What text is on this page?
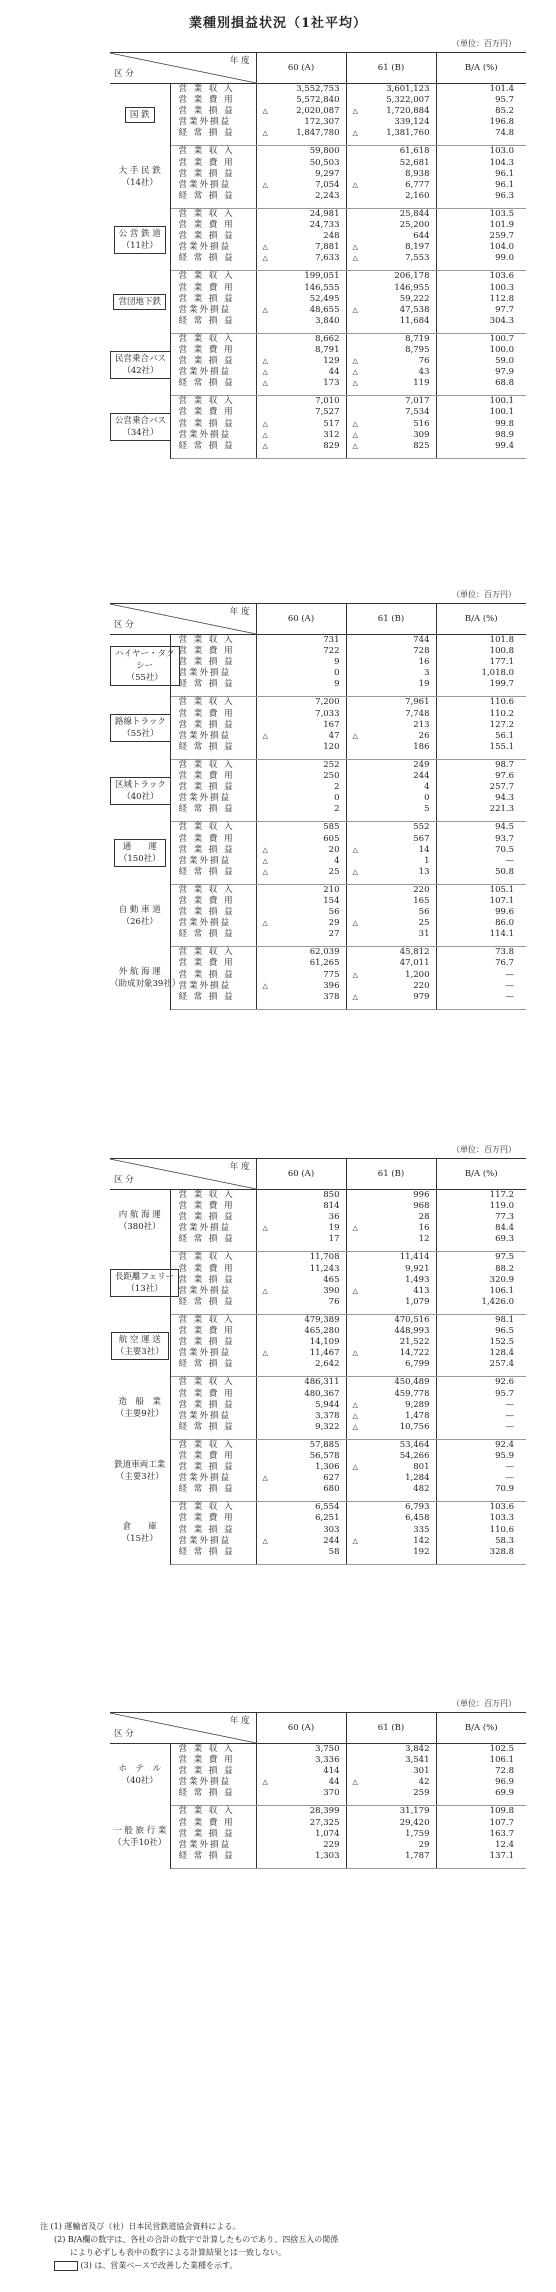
業種別損益状況（1社平均）
（単位：百万円）
年 度
区 分		60 (A)	61 (B)	B/A (%)
国 鉄	営 業 収 入	3,552,753	3,601,123	101.4
	営 業 費 用	5,572,840	5,322,007	95.7
	営 業 損 益	△ 2,020,087	△ 1,720,884	85.2
	営業外損益	172,307	339,124	196.8
	経 常 損 益	△ 1,847,780	△ 1,381,760	74.8
大 手 民 鉄
（14社）	営 業 収 入	59,800	61,618	103.0
	営 業 費 用	50,503	52,681	104.3
	営 業 損 益	9,297	8,938	96.1
	営業外損益	△ 7,054	△ 6,777	96.1
	経 常 損 益	2,243	2,160	96.3
公 営 鉄 道
（11社）	営 業 収 入	24,981	25,844	103.5
	営 業 費 用	24,733	25,200	101.9
	営 業 損 益	248	644	259.7
	営業外損益	△ 7,881	△ 8,197	104.0
	経 常 損 益	△ 7,633	△ 7,553	99.0
営団地下鉄	営 業 収 入	199,051	206,178	103.6
	営 業 費 用	146,555	146,955	100.3
	営 業 損 益	52,495	59,222	112.8
	営業外損益	△ 48,655	△ 47,538	97.7
	経 常 損 益	3,840	11,684	304.3
民営乗合バス
（42社）	営 業 収 入	8,662	8,719	100.7
	営 業 費 用	8,791	8,795	100.0
	営 業 損 益	△ 129	△ 76	59.0
	営業外損益	△ 44	△ 43	97.9
	経 常 損 益	△ 173	△ 119	68.8
公営乗合バス
（34社）	営 業 収 入	7,010	7,017	100.1
	営 業 費 用	7,527	7,534	100.1
	営 業 損 益	△ 517	△ 516	99.8
	営業外損益	△ 312	△ 309	98.9
	経 常 損 益	△ 829	△ 825	99.4
（単位：百万円）
年 度
区 分		60 (A)	61 (B)	B/A (%)
ハイヤー・タク
シー
（55社）	営 業 収 入	731	744	101.8
	営 業 費 用	722	728	100.8
	営 業 損 益	9	16	177.1
	営業外損益	0	3	1,018.0
	経 常 損 益	9	19	199.7
路線トラック
（55社）	営 業 収 入	7,200	7,961	110.6
	営 業 費 用	7,033	7,748	110.2
	営 業 損 益	167	213	127.2
	営業外損益	△ 47	△ 26	56.1
	経 常 損 益	120	186	155.1
区域トラック
（40社）	営 業 収 入	252	249	98.7
	営 業 費 用	250	244	97.6
	営 業 損 益	2	4	257.7
	営業外損益	0	0	94.3
	経 常 損 益	2	5	221.3
通　　運
（150社）	営 業 収 入	585	552	94.5
	営 業 費 用	605	567	93.7
	営 業 損 益	△ 20	△ 14	70.5
	営業外損益	△ 4	1	—
	経 常 損 益	△ 25	△ 13	50.8
自 動 車 道
（26社）	営 業 収 入	210	220	105.1
	営 業 費 用	154	165	107.1
	営 業 損 益	56	56	99.6
	営業外損益	△ 29	△ 25	86.0
	経 常 損 益	27	31	114.1
外 航 海 運
（助成対象39社）	営 業 収 入	62,039	45,812	73.8
	営 業 費 用	61,265	47,011	76.7
	営 業 損 益	775	△ 1,200	—
	営業外損益	△ 396	220	—
	経 常 損 益	378	△ 979	—
（単位：百万円）
年 度
区 分		60 (A)	61 (B)	B/A (%)
内 航 海 運
（380社）	営 業 収 入	850	996	117.2
	営 業 費 用	814	968	119.0
	営 業 損 益	36	28	77.3
	営業外損益	△ 19	△ 16	84.4
	経 常 損 益	17	12	69.3
長距離フェリー
（13社）	営 業 収 入	11,708	11,414	97.5
	営 業 費 用	11,243	9,921	88.2
	営 業 損 益	465	1,493	320.9
	営業外損益	△ 390	△ 413	106.1
	経 常 損 益	76	1,079	1,426.0
航 空 運 送
（主要3社）	営 業 収 入	479,389	470,516	98.1
	営 業 費 用	465,280	448,993	96.5
	営 業 損 益	14,109	21,522	152.5
	営業外損益	△ 11,467	△ 14,722	128.4
	経 常 損 益	2,642	6,799	257.4
造　船　業
（主要9社）	営 業 収 入	486,311	450,489	92.6
	営 業 費 用	480,367	459,778	95.7
	営 業 損 益	5,944	△ 9,289	—
	営業外損益	3,378	△ 1,478	—
	経 常 損 益	9,322	△ 10,756	—
鉄道車両工業
（主要3社）	営 業 収 入	57,885	53,464	92.4
	営 業 費 用	56,578	54,266	95.9
	営 業 損 益	1,306	△ 801	—
	営業外損益	△ 627	1,284	—
	経 常 損 益	680	482	70.9
倉　　庫
（15社）	営 業 収 入	6,554	6,793	103.6
	営 業 費 用	6,251	6,458	103.3
	営 業 損 益	303	335	110.6
	営業外損益	△ 244	△ 142	58.3
	経 常 損 益	58	192	328.8
（単位：百万円）
年 度
区 分		60 (A)	61 (B)	B/A (%)
ホ　テ　ル
（40社）	営 業 収 入	3,750	3,842	102.5
	営 業 費 用	3,336	3,541	106.1
	営 業 損 益	414	301	72.8
	営業外損益	△ 44	△ 42	96.9
	経 常 損 益	370	259	69.9
一 般 旅 行 業
（大手10社）	営 業 収 入	28,399	31,179	109.8
	営 業 費 用	27,325	29,420	107.7
	営 業 損 益	1,074	1,759	163.7
	営業外損益	229	29	12.4
	経 常 損 益	1,303	1,787	137.1
注 (1) 運輸省及び（社）日本民営鉄道協会資料による。
(2) B/A欄の数字は、各社の合計の数字で計算したものであり、四捨五入の関係
により必ずしも表中の数字による計算結果とは一致しない。
(3) は、営業ベースで改善した業種を示す。
